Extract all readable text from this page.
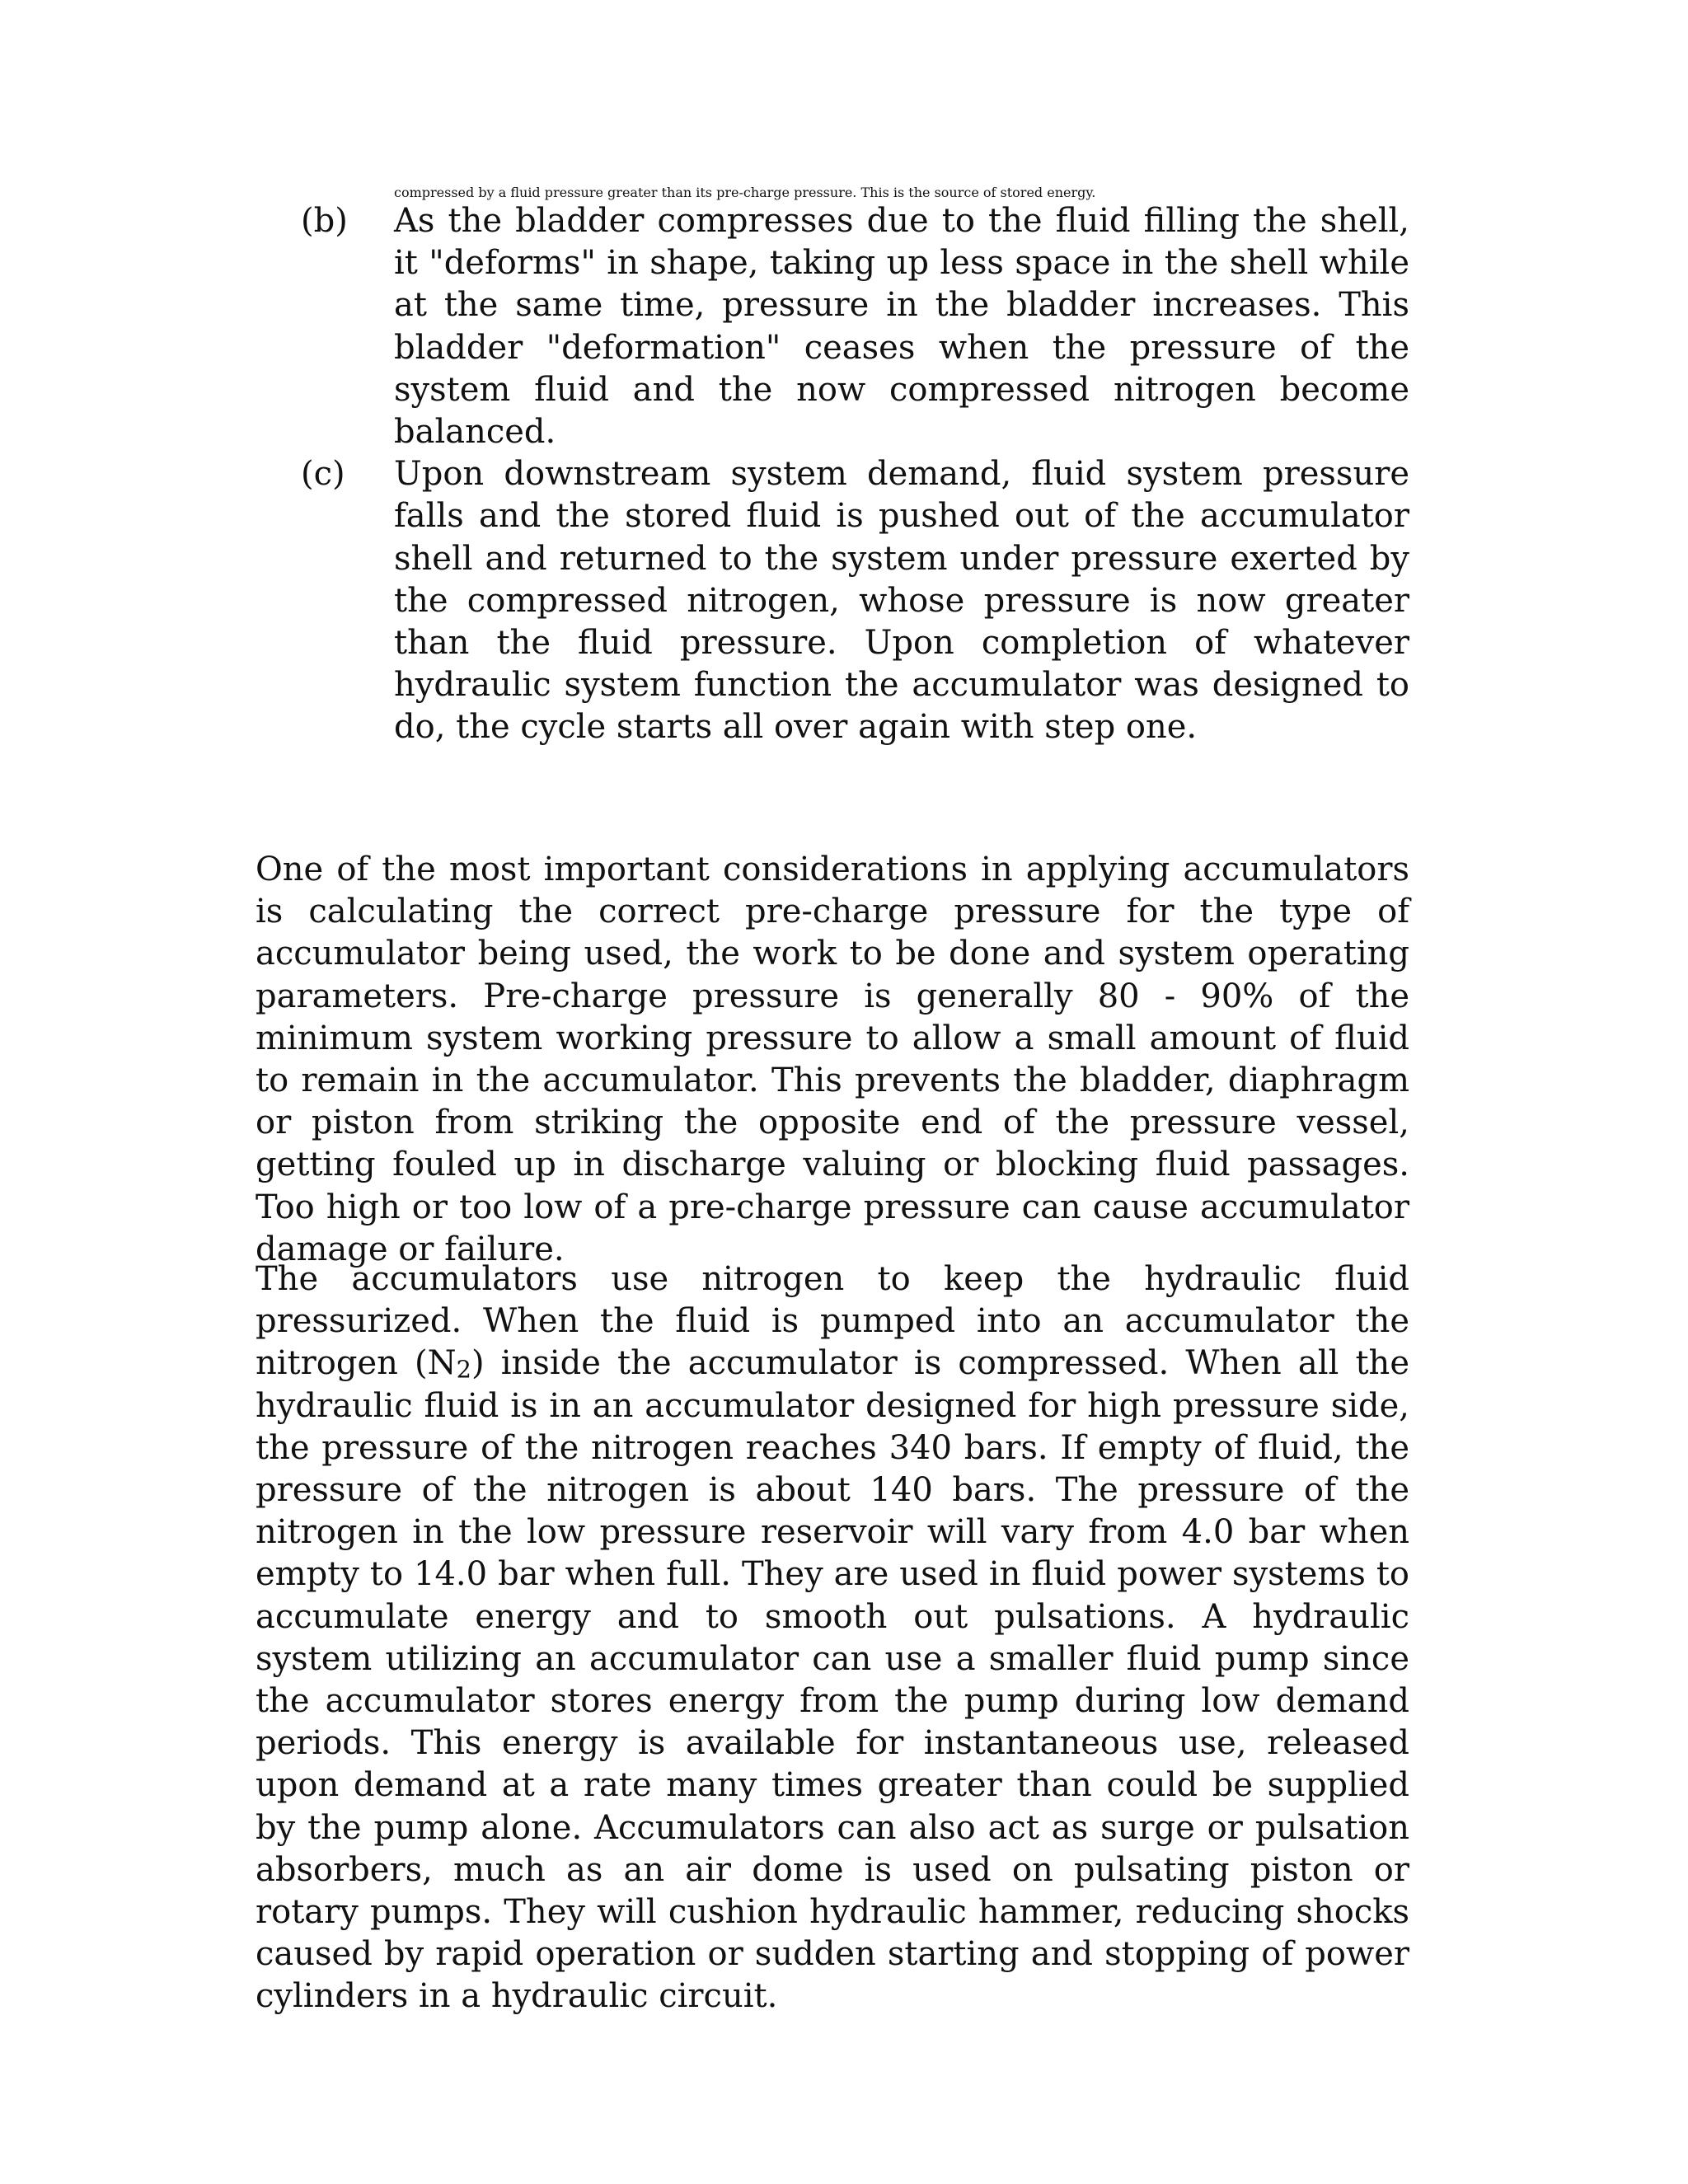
compressed by a fluid pressure greater than its pre-charge pressure. This is the source of stored energy.
(b)	As the bladder compresses due to the fluid filling the shell, it "deforms" in shape, taking up less space in the shell while at the same time, pressure in the bladder increases. This bladder "deformation" ceases when the pressure of the system fluid and the now compressed nitrogen become balanced.
(c)	Upon downstream system demand, fluid system pressure falls and the stored fluid is pushed out of the accumulator shell and returned to the system under pressure exerted by the compressed nitrogen, whose pressure is now greater than the fluid pressure. Upon completion of whatever hydraulic system function the accumulator was designed to do, the cycle starts all over again with step one.

One of the most important considerations in applying accumulators is calculating the correct pre-charge pressure for the type of accumulator being used, the work to be done and system operating parameters. Pre-charge pressure is generally 80 - 90% of the minimum system working pressure to allow a small amount of fluid to remain in the accumulator. This prevents the bladder, diaphragm or piston from striking the opposite end of the pressure vessel, getting fouled up in discharge valuing or blocking fluid passages. Too high or too low of a pre-charge pressure can cause accumulator damage or failure.

The accumulators use nitrogen to keep the hydraulic fluid pressurized. When the fluid is pumped into an accumulator the nitrogen $(N_2)$ inside the accumulator is compressed. When all the hydraulic fluid is in an accumulator designed for high pressure side, the pressure of the nitrogen reaches 340 bars. If empty of fluid, the pressure of the nitrogen is about 140 bars. The pressure of the nitrogen in the low pressure reservoir will vary from 4.0 bar when empty to 14.0 bar when full. They are used in fluid power systems to accumulate energy and to smooth out pulsations. A hydraulic system utilizing an accumulator can use a smaller fluid pump since the accumulator stores energy from the pump during low demand periods. This energy is available for instantaneous use, released upon demand at a rate many times greater than could be supplied by the pump alone. Accumulators can also act as surge or pulsation absorbers, much as an air dome is used on pulsating piston or rotary pumps. They will cushion hydraulic hammer, reducing shocks caused by rapid operation or sudden starting and stopping of power cylinders in a hydraulic circuit.
